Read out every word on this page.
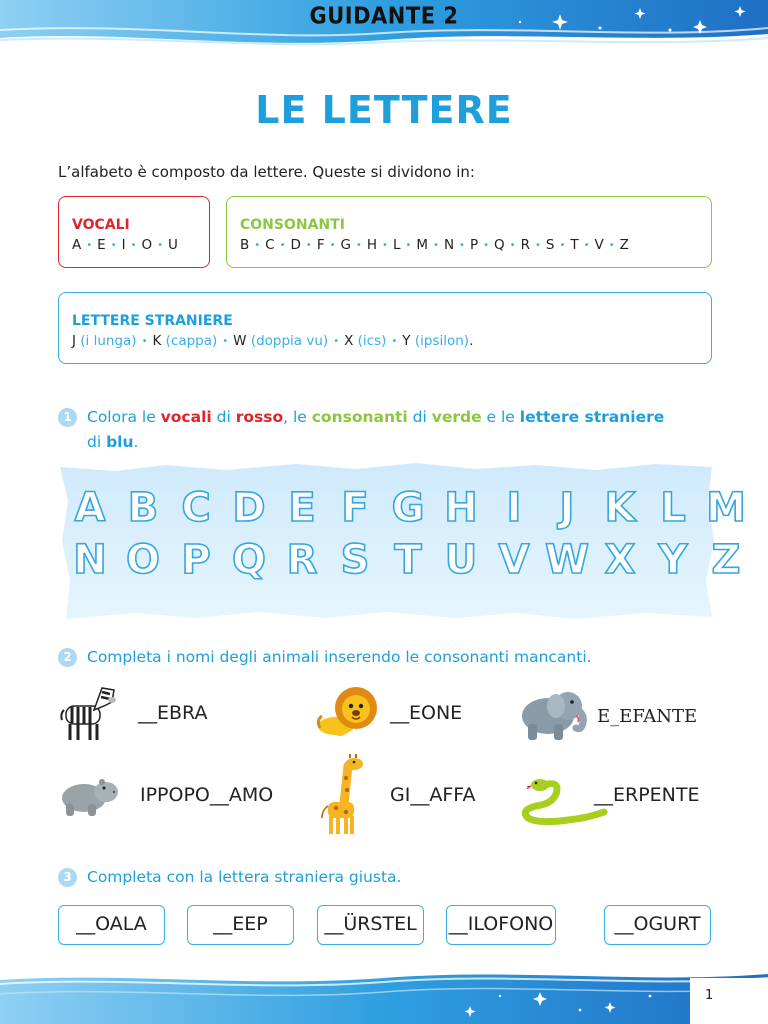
GUIDANTE 2
LE LETTERE
L’alfabeto è composto da lettere. Queste si dividono in:
VOCALI
A • E • I • O • U
CONSONANTI
B • C • D • F • G • H • L • M • N • P • Q • R • S • T • V • Z
LETTERE STRANIERE
J (i lunga) • K (cappa) • W (doppia vu) • X (ics) • Y (ipsilon).
1 Colora le vocali di rosso, le consonanti di verde e le lettere straniere
di blu.
A B C D E F G H I J K L M
N O P Q R S T U V W X Y Z
2 Completa i nomi degli animali inserendo le consonanti mancanti.
__EBRA	__EONE	E_EFANTE
IPPOPO__AMO	GI__AFFA	__ERPENTE
3 Completa con la lettera straniera giusta.
__OALA	__EEP	__ÜRSTEL	__ILOFONO	__OGURT
1
